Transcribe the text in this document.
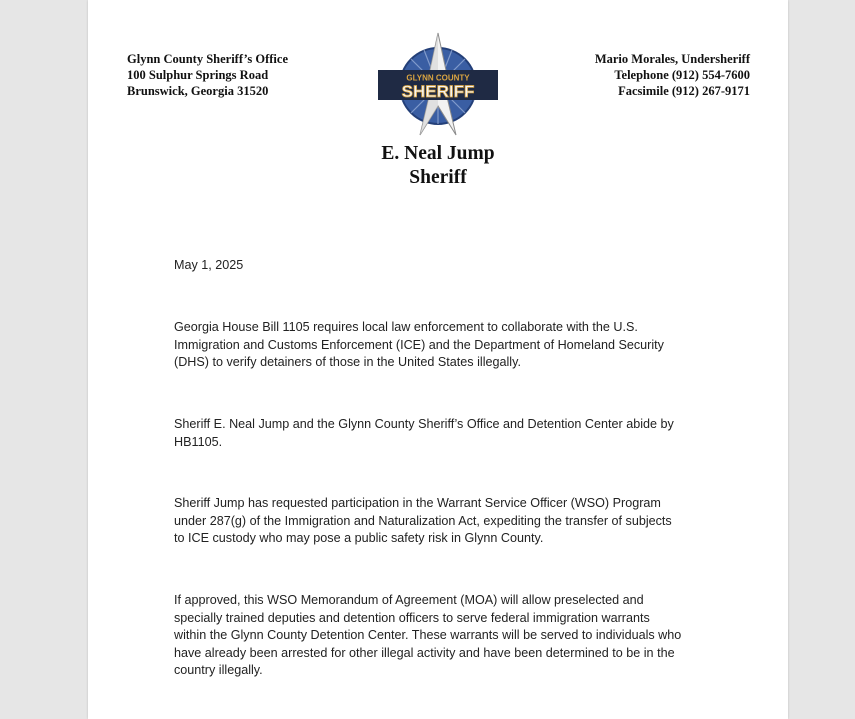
Glynn County Sheriff’s Office
100 Sulphur Springs Road
Brunswick, Georgia 31520
GLYNN COUNTY
SHERIFF
Mario Morales, Undersheriff
Telephone (912) 554-7600
Facsimile (912) 267-9171
E. Neal Jump
Sheriff
May 1, 2025
Georgia House Bill 1105 requires local law enforcement to collaborate with the U.S.
Immigration and Customs Enforcement (ICE) and the Department of Homeland Security
(DHS) to verify detainers of those in the United States illegally.
Sheriff E. Neal Jump and the Glynn County Sheriff’s Office and Detention Center abide by
HB1105.
Sheriff Jump has requested participation in the Warrant Service Officer (WSO) Program
under 287(g) of the Immigration and Naturalization Act, expediting the transfer of subjects
to ICE custody who may pose a public safety risk in Glynn County.
If approved, this WSO Memorandum of Agreement (MOA) will allow preselected and
specially trained deputies and detention officers to serve federal immigration warrants
within the Glynn County Detention Center. These warrants will be served to individuals who
have already been arrested for other illegal activity and have been determined to be in the
country illegally.
